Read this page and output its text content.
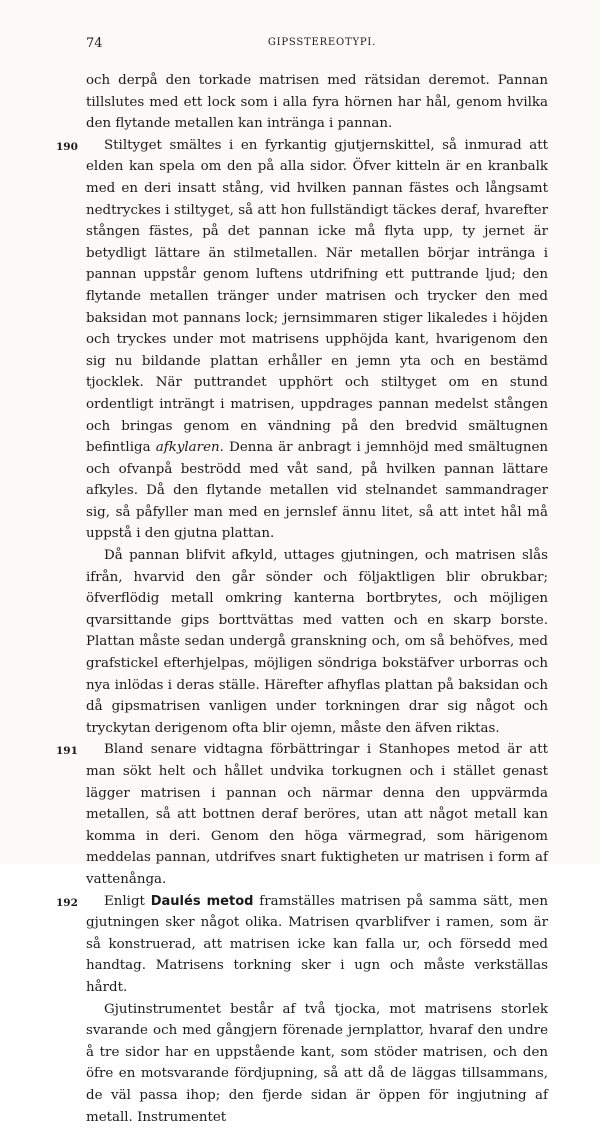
74	GIPSSTEREOTYPI.

och derpå den torkade matrisen med rätsidan deremot. Pannan tillslutes med ett lock som i alla fyra hörnen har hål, genom hvilka den flytande metallen kan inträngа i pannan.

190 Stiltyget smältes i en fyrkantig gjutjernskittel, så inmurad att elden kan spela om den på alla sidor. Öfver kitteln är en kranbalk med en deri insatt stång, vid hvilken pannan fästes och långsamt nedtryckes i stiltyget, så att hon fullständigt täckes deraf, hvarefter stången fästes, på det pannan icke må flyta upp, ty jernet är betydligt lättare än stilmetallen. När metallen börjar inträngа i pannan uppstår genom luftens utdrifning ett puttrande ljud; den flytande metallen tränger under matrisen och trycker den med baksidan mot pannans lock; jernsimmaren stiger likaledes i höjden och tryckes under mot matrisens upphöjda kant, hvarigenom den sig nu bildande plattan erhåller en jemn yta och en bestämd tjocklek. När puttrandet upphört och stiltyget om en stund ordentligt inträngt i matrisen, uppdrages pannan medelst stången och bringas genom en vändning på den bredvid smältugnen befintliga afkylaren. Denna är anbragt i jemnhöjd med smältugnen och ofvanpå beströdd med våt sand, på hvilken pannan lättare afkyles. Då den flytande metallen vid stelnandet sammandrager sig, så påfyller man med en jernslef ännu litet, så att intet hål må uppstå i den gjutna plattan.

Då pannan blifvit afkyld, uttages gjutningen, och matrisen slås ifrån, hvarvid den går sönder och följaktligen blir obrukbar; öfverflödig metall omkring kanterna bortbrytes, och möjligen qvarsittande gips borttvättas med vatten och en skarp borste. Plattan måste sedan undergå granskning och, om så behöfves, med grafstickel efterhjelpas, möjligen söndriga bokstäfver urborras och nya inlödas i deras ställe. Härefter afhyflas plattan på baksidan och då gipsmatrisen vanligen under torkningen drar sig något och tryckytan derigenom ofta blir ojemn, måste den äfven riktas.

191 Bland senare vidtagna förbättringar i Stanhopes metod är att man sökt helt och hållet undvika torkugnen och i stället genast lägger matrisen i pannan och närmar denna den uppvärmda metallen, så att bottnen deraf beröres, utan att något metall kan komma in deri. Genom den höga värmegrad, som härigenom meddelas pannan, utdrifves snart fuktigheten ur matrisen i form af vattenånga.

192 Enligt Daulés metod framställes matrisen på samma sätt, men gjutningen sker något olika. Matrisen qvarblifver i ramen, som är så konstruerad, att matrisen icke kan falla ur, och försedd med handtag. Matrisens torkning sker i ugn och måste verkställas hårdt.

Gjutinstrumentet består af två tjocka, mot matrisens storlek svarande och med gångjern förenade jernplattor, hvaraf den undre å tre sidor har en uppstående kant, som stöder matrisen, och den öfre en motsvarande fördjupning, så att då de läggas tillsammans, de väl passa ihop; den fjerde sidan är öppen för ingjutning af metall. Instrumentet
